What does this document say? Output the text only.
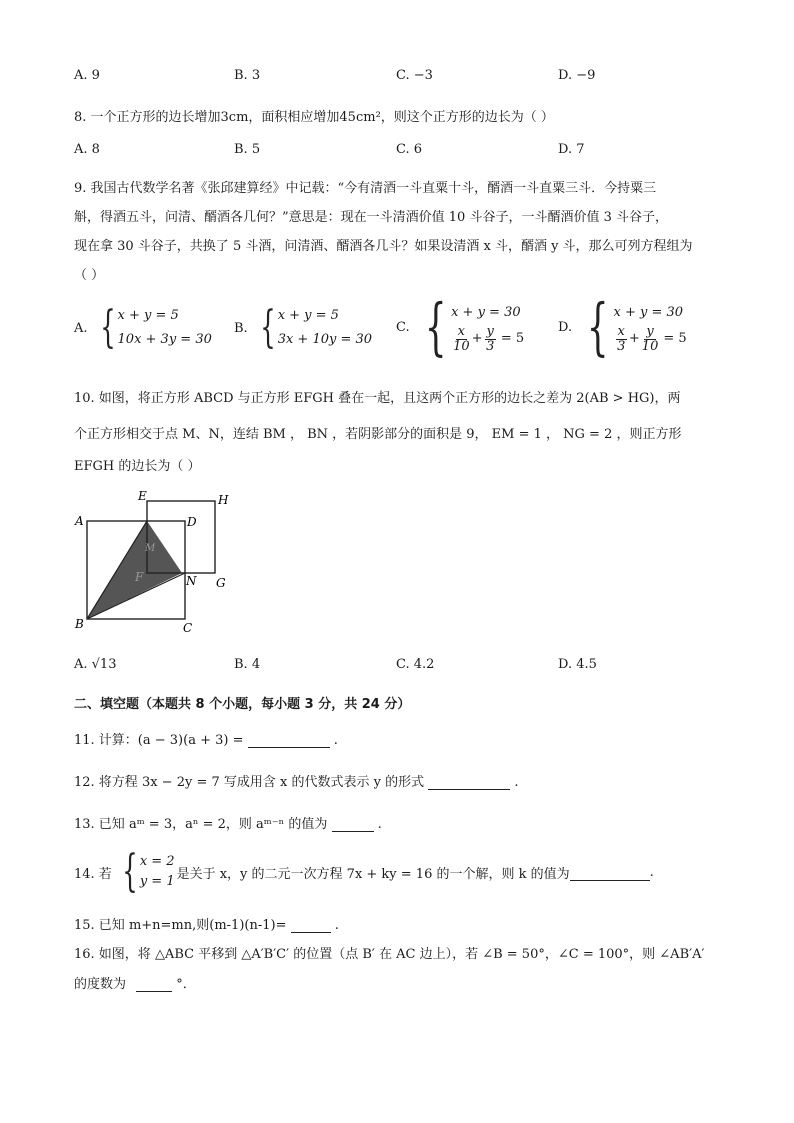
A. 9	B. 3	C. −3	D. −9
8. 一个正方形的边长增加3cm，面积相应增加45cm²，则这个正方形的边长为（ ）
A. 8	B. 5	C. 6	D. 7
9. 我国古代数学名著《张邱建算经》中记载：“今有清酒一斗直粟十斗，醑酒一斗直粟三斗．今持粟三
斛，得酒五斗，问清、醑酒各几何？”意思是：现在一斗清酒价值 10 斗谷子，一斗醑酒价值 3 斗谷子，
现在拿 30 斗谷子，共换了 5 斗酒，问清酒、醑酒各几斗？如果设清酒 x 斗，醑酒 y 斗，那么可列方程组为
（ ）
A. { x + y = 5
10x + 3y = 30
B. { x + y = 5
3x + 10y = 30
C. { x + y = 30
$\frac{x}{10} + \frac{y}{3} = 5$
D. { x + y = 30
$\frac{x}{3} + \frac{y}{10} = 5$
10. 如图，将正方形 ABCD 与正方形 EFGH 叠在一起，且这两个正方形的边长之差为 2(AB > HG)，两
个正方形相交于点 M、N，连结 BM ， BN ，若阴影部分的面积是 9， EM = 1 ， NG = 2 ，则正方形
EFGH 的边长为（ ）
A
B	C
D
E
F	G
H
M
N
A. √13	B. 4	C. 4.2	D. 4.5
二、填空题（本题共 8 个小题，每小题 3 分，共 24 分）
11. 计算：(a − 3)(a + 3) =	.
12. 将方程 3x − 2y = 7 写成用含 x 的代数式表示 y 的形式	.
13. 已知 aᵐ = 3，aⁿ = 2，则 aᵐ⁻ⁿ 的值为	.
14. 若 { x = 2
y = 1 是关于 x，y 的二元一次方程 7x + ky = 16 的一个解，则 k 的值为	.
15. 已知 m+n=mn,则(m-1)(n-1)=	.
16. 如图，将 △ABC 平移到 △A′B′C′ 的位置（点 B′ 在 AC 边上），若 ∠B = 50°，∠C = 100°，则 ∠AB′A′
的度数为	°．
